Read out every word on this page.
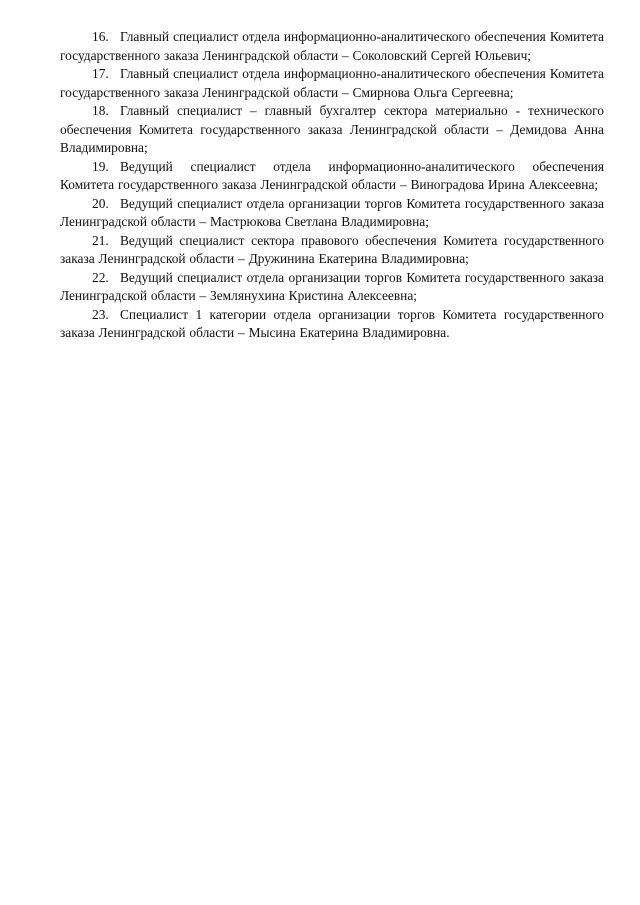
16. Главный специалист отдела информационно-аналитического обеспечения Комитета государственного заказа Ленинградской области – Соколовский Сергей Юльевич;

17. Главный специалист отдела информационно-аналитического обеспечения Комитета государственного заказа Ленинградской области – Смирнова Ольга Сергеевна;

18. Главный специалист – главный бухгалтер сектора материально - технического обеспечения Комитета государственного заказа Ленинградской области – Демидова Анна Владимировна;

19. Ведущий специалист отдела информационно-аналитического обеспечения Комитета государственного заказа Ленинградской области – Виноградова Ирина Алексеевна;

20. Ведущий специалист отдела организации торгов Комитета государственного заказа Ленинградской области – Мастрюкова Светлана Владимировна;

21. Ведущий специалист сектора правового обеспечения Комитета государственного заказа Ленинградской области – Дружинина Екатерина Владимировна;

22. Ведущий специалист отдела организации торгов Комитета государственного заказа Ленинградской области – Землянухина Кристина Алексеевна;

23. Специалист 1 категории отдела организации торгов Комитета государственного заказа Ленинградской области – Мысина Екатерина Владимировна.
